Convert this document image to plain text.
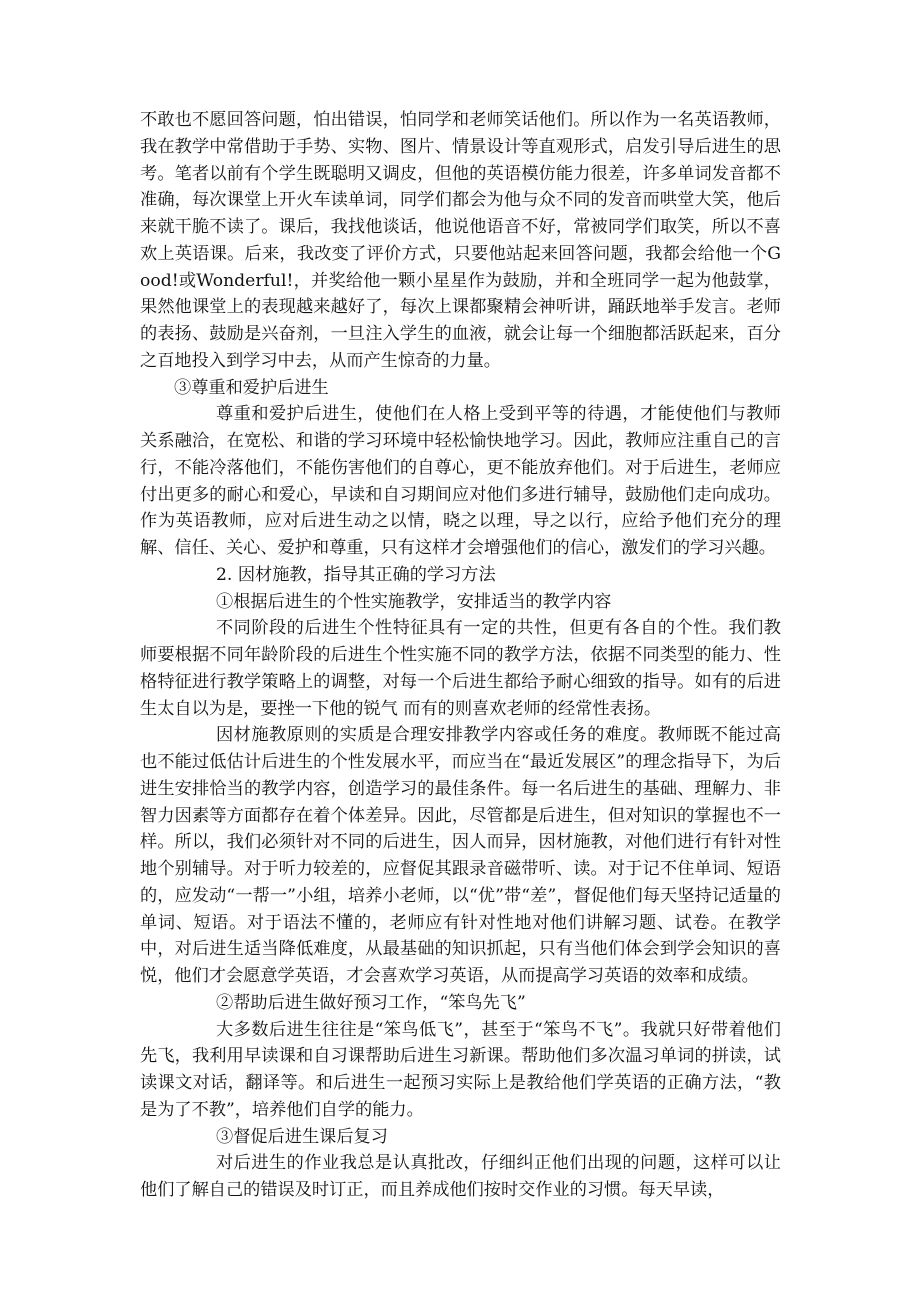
不敢也不愿回答问题，怕出错误，怕同学和老师笑话他们。所以作为一名英语教师，我在教学中常借助于手势、实物、图片、情景设计等直观形式，启发引导后进生的思考。笔者以前有个学生既聪明又调皮，但他的英语模仿能力很差，许多单词发音都不准确，每次课堂上开火车读单词，同学们都会为他与众不同的发音而哄堂大笑，他后来就干脆不读了。课后，我找他谈话，他说他语音不好，常被同学们取笑，所以不喜欢上英语课。后来，我改变了评价方式，只要他站起来回答问题，我都会给他一个Good!或Wonderful!，并奖给他一颗小星星作为鼓励，并和全班同学一起为他鼓掌，果然他课堂上的表现越来越好了，每次上课都聚精会神听讲，踊跃地举手发言。老师的表扬、鼓励是兴奋剂，一旦注入学生的血液，就会让每一个细胞都活跃起来，百分之百地投入到学习中去，从而产生惊奇的力量。

③尊重和爱护后进生

尊重和爱护后进生，使他们在人格上受到平等的待遇，才能使他们与教师关系融洽，在宽松、和谐的学习环境中轻松愉快地学习。因此，教师应注重自己的言行，不能冷落他们，不能伤害他们的自尊心，更不能放弃他们。对于后进生，老师应付出更多的耐心和爱心，早读和自习期间应对他们多进行辅导，鼓励他们走向成功。作为英语教师，应对后进生动之以情，晓之以理，导之以行，应给予他们充分的理解、信任、关心、爱护和尊重，只有这样才会增强他们的信心，激发们的学习兴趣。

2. 因材施教，指导其正确的学习方法

①根据后进生的个性实施教学，安排适当的教学内容

不同阶段的后进生个性特征具有一定的共性，但更有各自的个性。我们教师要根据不同年龄阶段的后进生个性实施不同的教学方法，依据不同类型的能力、性格特征进行教学策略上的调整，对每一个后进生都给予耐心细致的指导。如有的后进生太自以为是，要挫一下他的锐气 而有的则喜欢老师的经常性表扬。

因材施教原则的实质是合理安排教学内容或任务的难度。教师既不能过高也不能过低估计后进生的个性发展水平，而应当在“最近发展区”的理念指导下，为后进生安排恰当的教学内容，创造学习的最佳条件。每一名后进生的基础、理解力、非智力因素等方面都存在着个体差异。因此，尽管都是后进生，但对知识的掌握也不一样。所以，我们必须针对不同的后进生，因人而异，因材施教，对他们进行有针对性地个别辅导。对于听力较差的，应督促其跟录音磁带听、读。对于记不住单词、短语的，应发动“一帮一”小组，培养小老师，以“优”带“差”，督促他们每天坚持记适量的单词、短语。对于语法不懂的，老师应有针对性地对他们讲解习题、试卷。在教学中，对后进生适当降低难度，从最基础的知识抓起，只有当他们体会到学会知识的喜悦，他们才会愿意学英语，才会喜欢学习英语，从而提高学习英语的效率和成绩。

②帮助后进生做好预习工作，“笨鸟先飞”

大多数后进生往往是“笨鸟低飞”，甚至于“笨鸟不飞”。我就只好带着他们先飞，我利用早读课和自习课帮助后进生习新课。帮助他们多次温习单词的拼读，试读课文对话，翻译等。和后进生一起预习实际上是教给他们学英语的正确方法，“教是为了不教”，培养他们自学的能力。

③督促后进生课后复习

对后进生的作业我总是认真批改，仔细纠正他们出现的问题，这样可以让他们了解自己的错误及时订正，而且养成他们按时交作业的习惯。每天早读，
